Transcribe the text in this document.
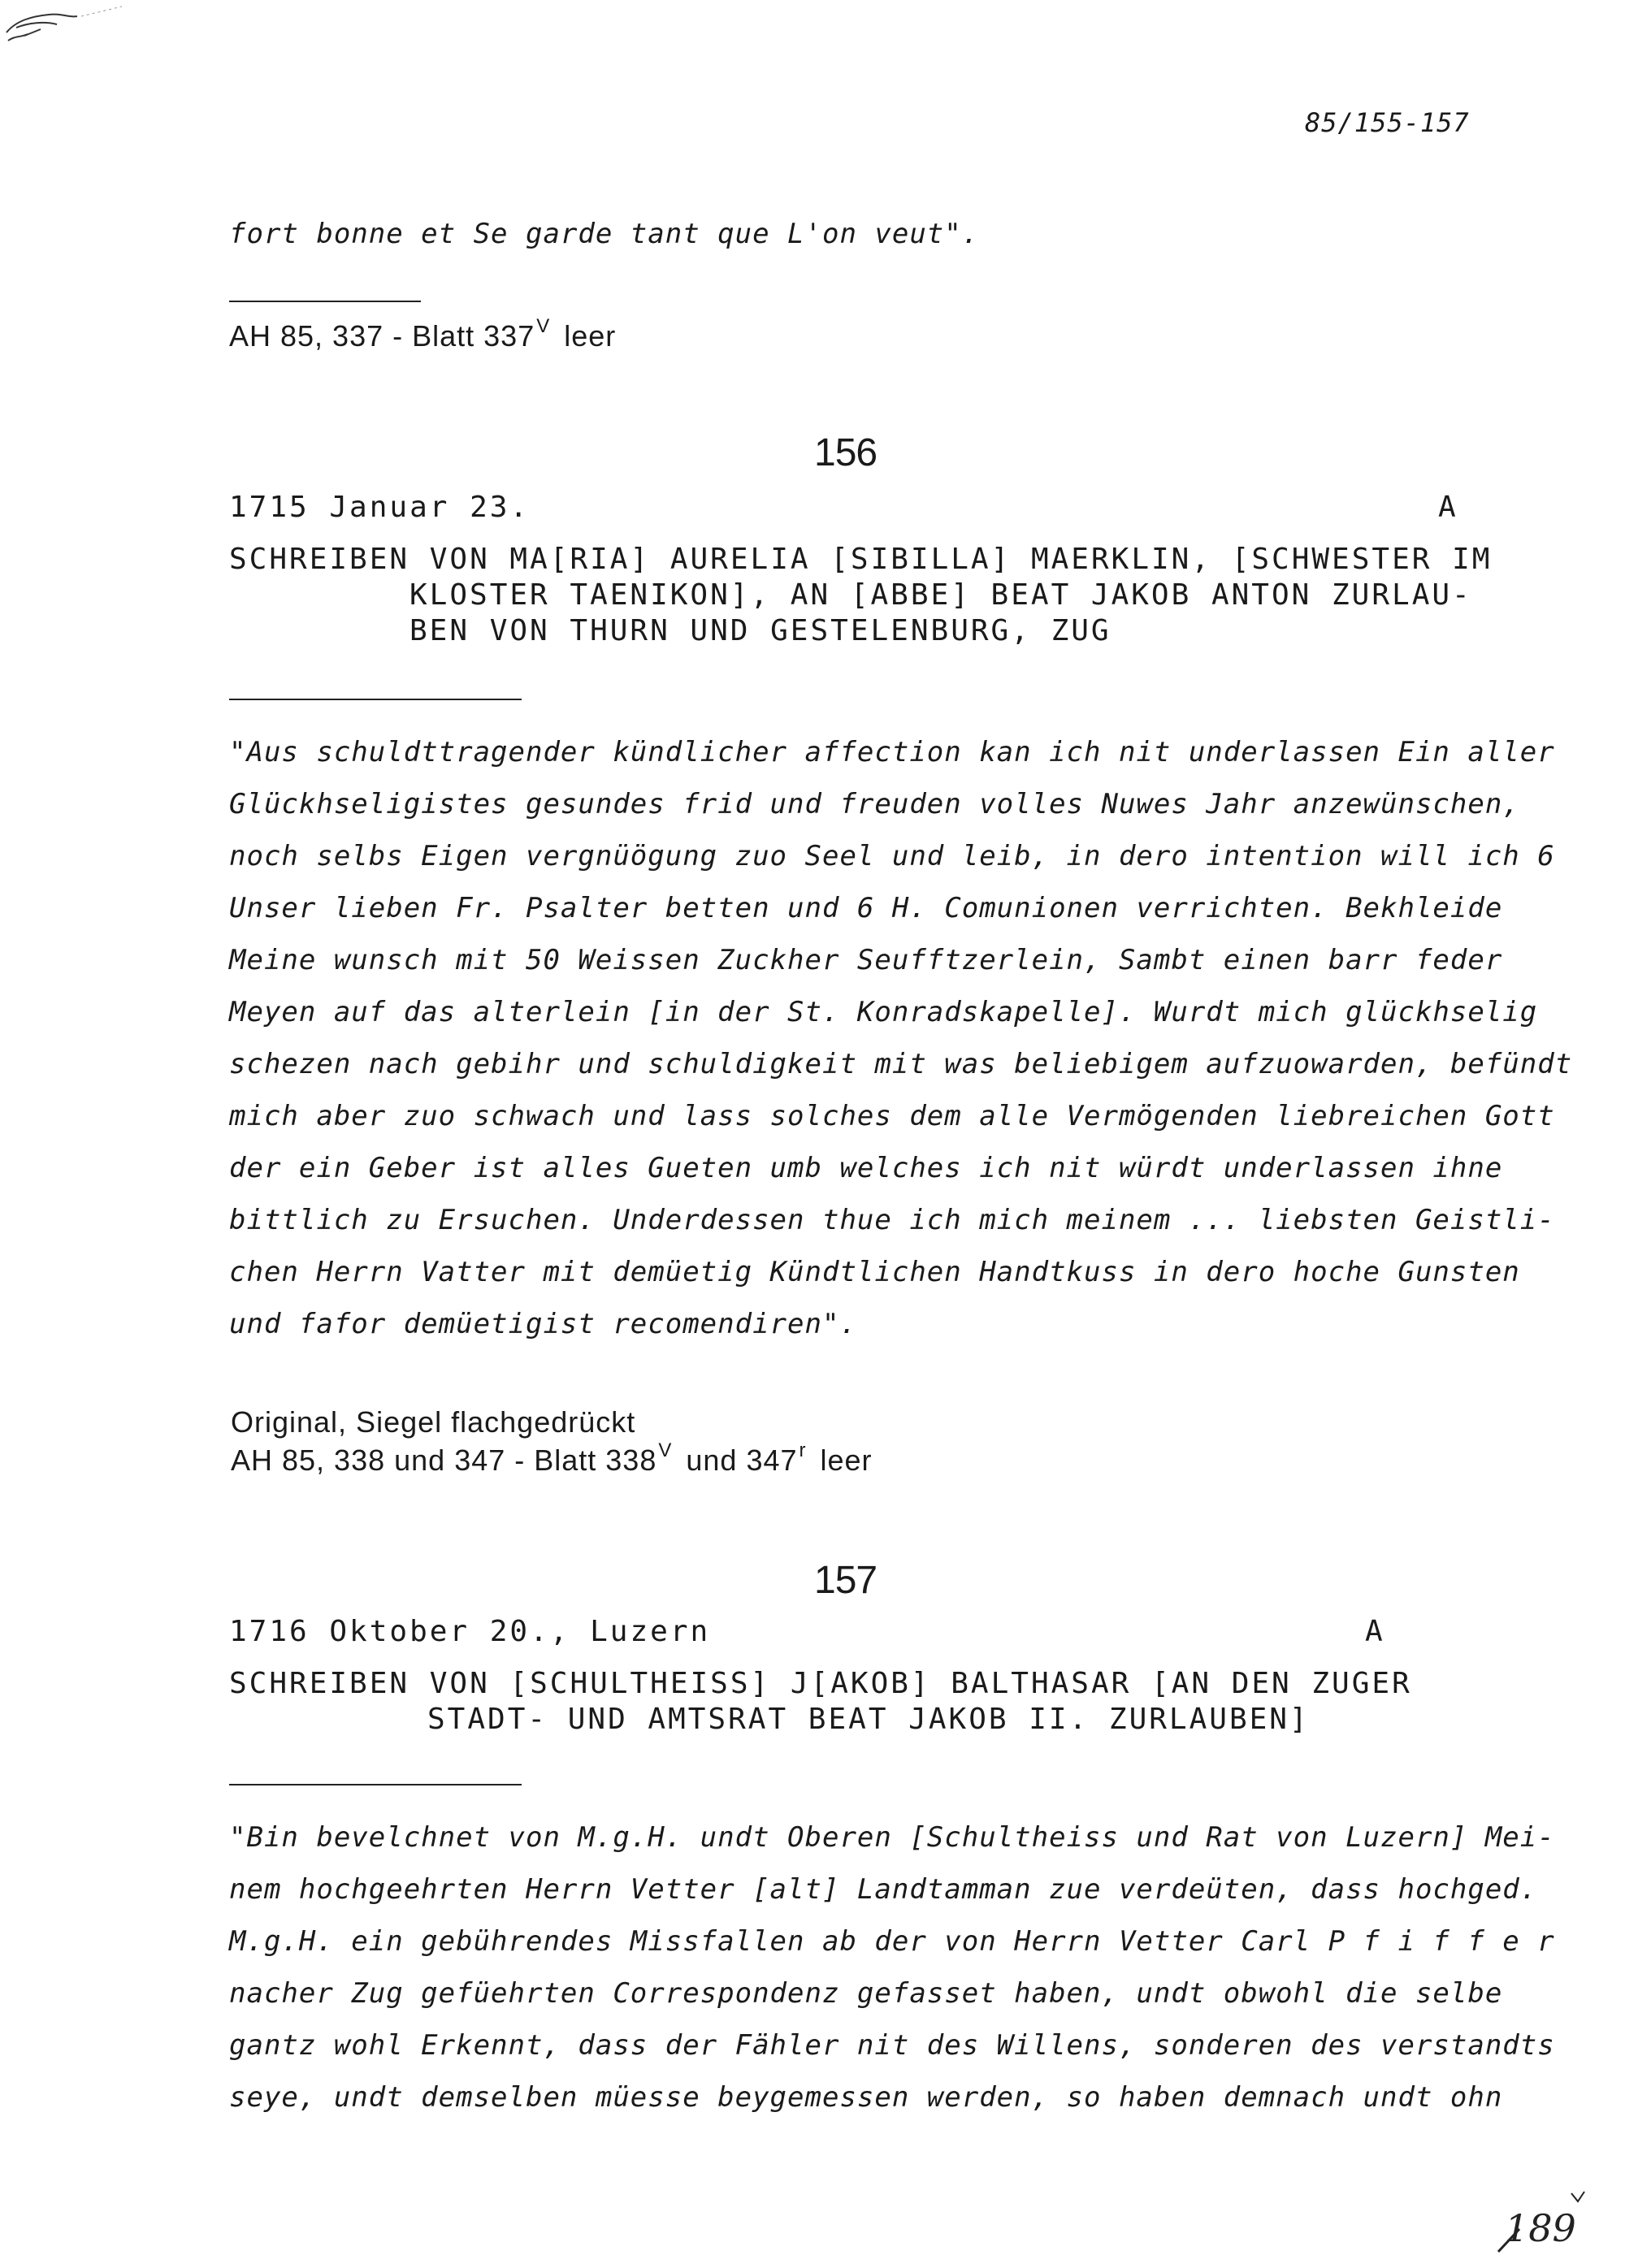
85/155-157
fort bonne et Se garde tant que L'on veut".
AH 85, 337 - Blatt $337^V$ leer
156
1715 Januar 23.	A
SCHREIBEN VON MA[RIA] AURELIA [SIBILLA] MAERKLIN, [SCHWESTER IM
KLOSTER TAENIKON], AN [ABBE] BEAT JAKOB ANTON ZURLAU-
BEN VON THURN UND GESTELENBURG, ZUG
"Aus schuldttragender kündlicher affection kan ich nit underlassen Ein aller
Glückhseligistes gesundes frid und freuden volles Nuwes Jahr anzewünschen,
noch selbs Eigen vergnüögung zuo Seel und leib, in dero intention will ich 6
Unser lieben Fr. Psalter betten und 6 H. Comunionen verrichten. Bekhleide
Meine wunsch mit 50 Weissen Zuckher Seufftzerlein, Sambt einen barr feder
Meyen auf das alterlein [in der St. Konradskapelle]. Wurdt mich glückhselig
schezen nach gebihr und schuldigkeit mit was beliebigem aufzuowarden, befündt
mich aber zuo schwach und lass solches dem alle Vermögenden liebreichen Gott
der ein Geber ist alles Gueten umb welches ich nit würdt underlassen ihne
bittlich zu Ersuchen. Underdessen thue ich mich meinem ... liebsten Geistli-
chen Herrn Vatter mit demüetig Kündtlichen Handtkuss in dero hoche Gunsten
und fafor demüetigist recomendiren".
Original, Siegel flachgedrückt
AH 85, 338 und 347 - Blatt $338^V$ und 347$^r$ leer
157
1716 Oktober 20., Luzern	A
SCHREIBEN VON [SCHULTHEISS] J[AKOB] BALTHASAR [AN DEN ZUGER
STADT- UND AMTSRAT BEAT JAKOB II. ZURLAUBEN]
"Bin bevelchnet von M.g.H. undt Oberen [Schultheiss und Rat von Luzern] Mei-
nem hochgeehrten Herrn Vetter [alt] Landtamman zue verdeüten, dass hochged.
M.g.H. ein gebührendes Missfallen ab der von Herrn Vetter Carl P f i f f e r
nacher Zug gefüehrten Correspondenz gefasset haben, undt obwohl die selbe
gantz wohl Erkennt, dass der Fähler nit des Willens, sonderen des verstandts
seye, undt demselben müesse beygemessen werden, so haben demnach undt ohn
189
